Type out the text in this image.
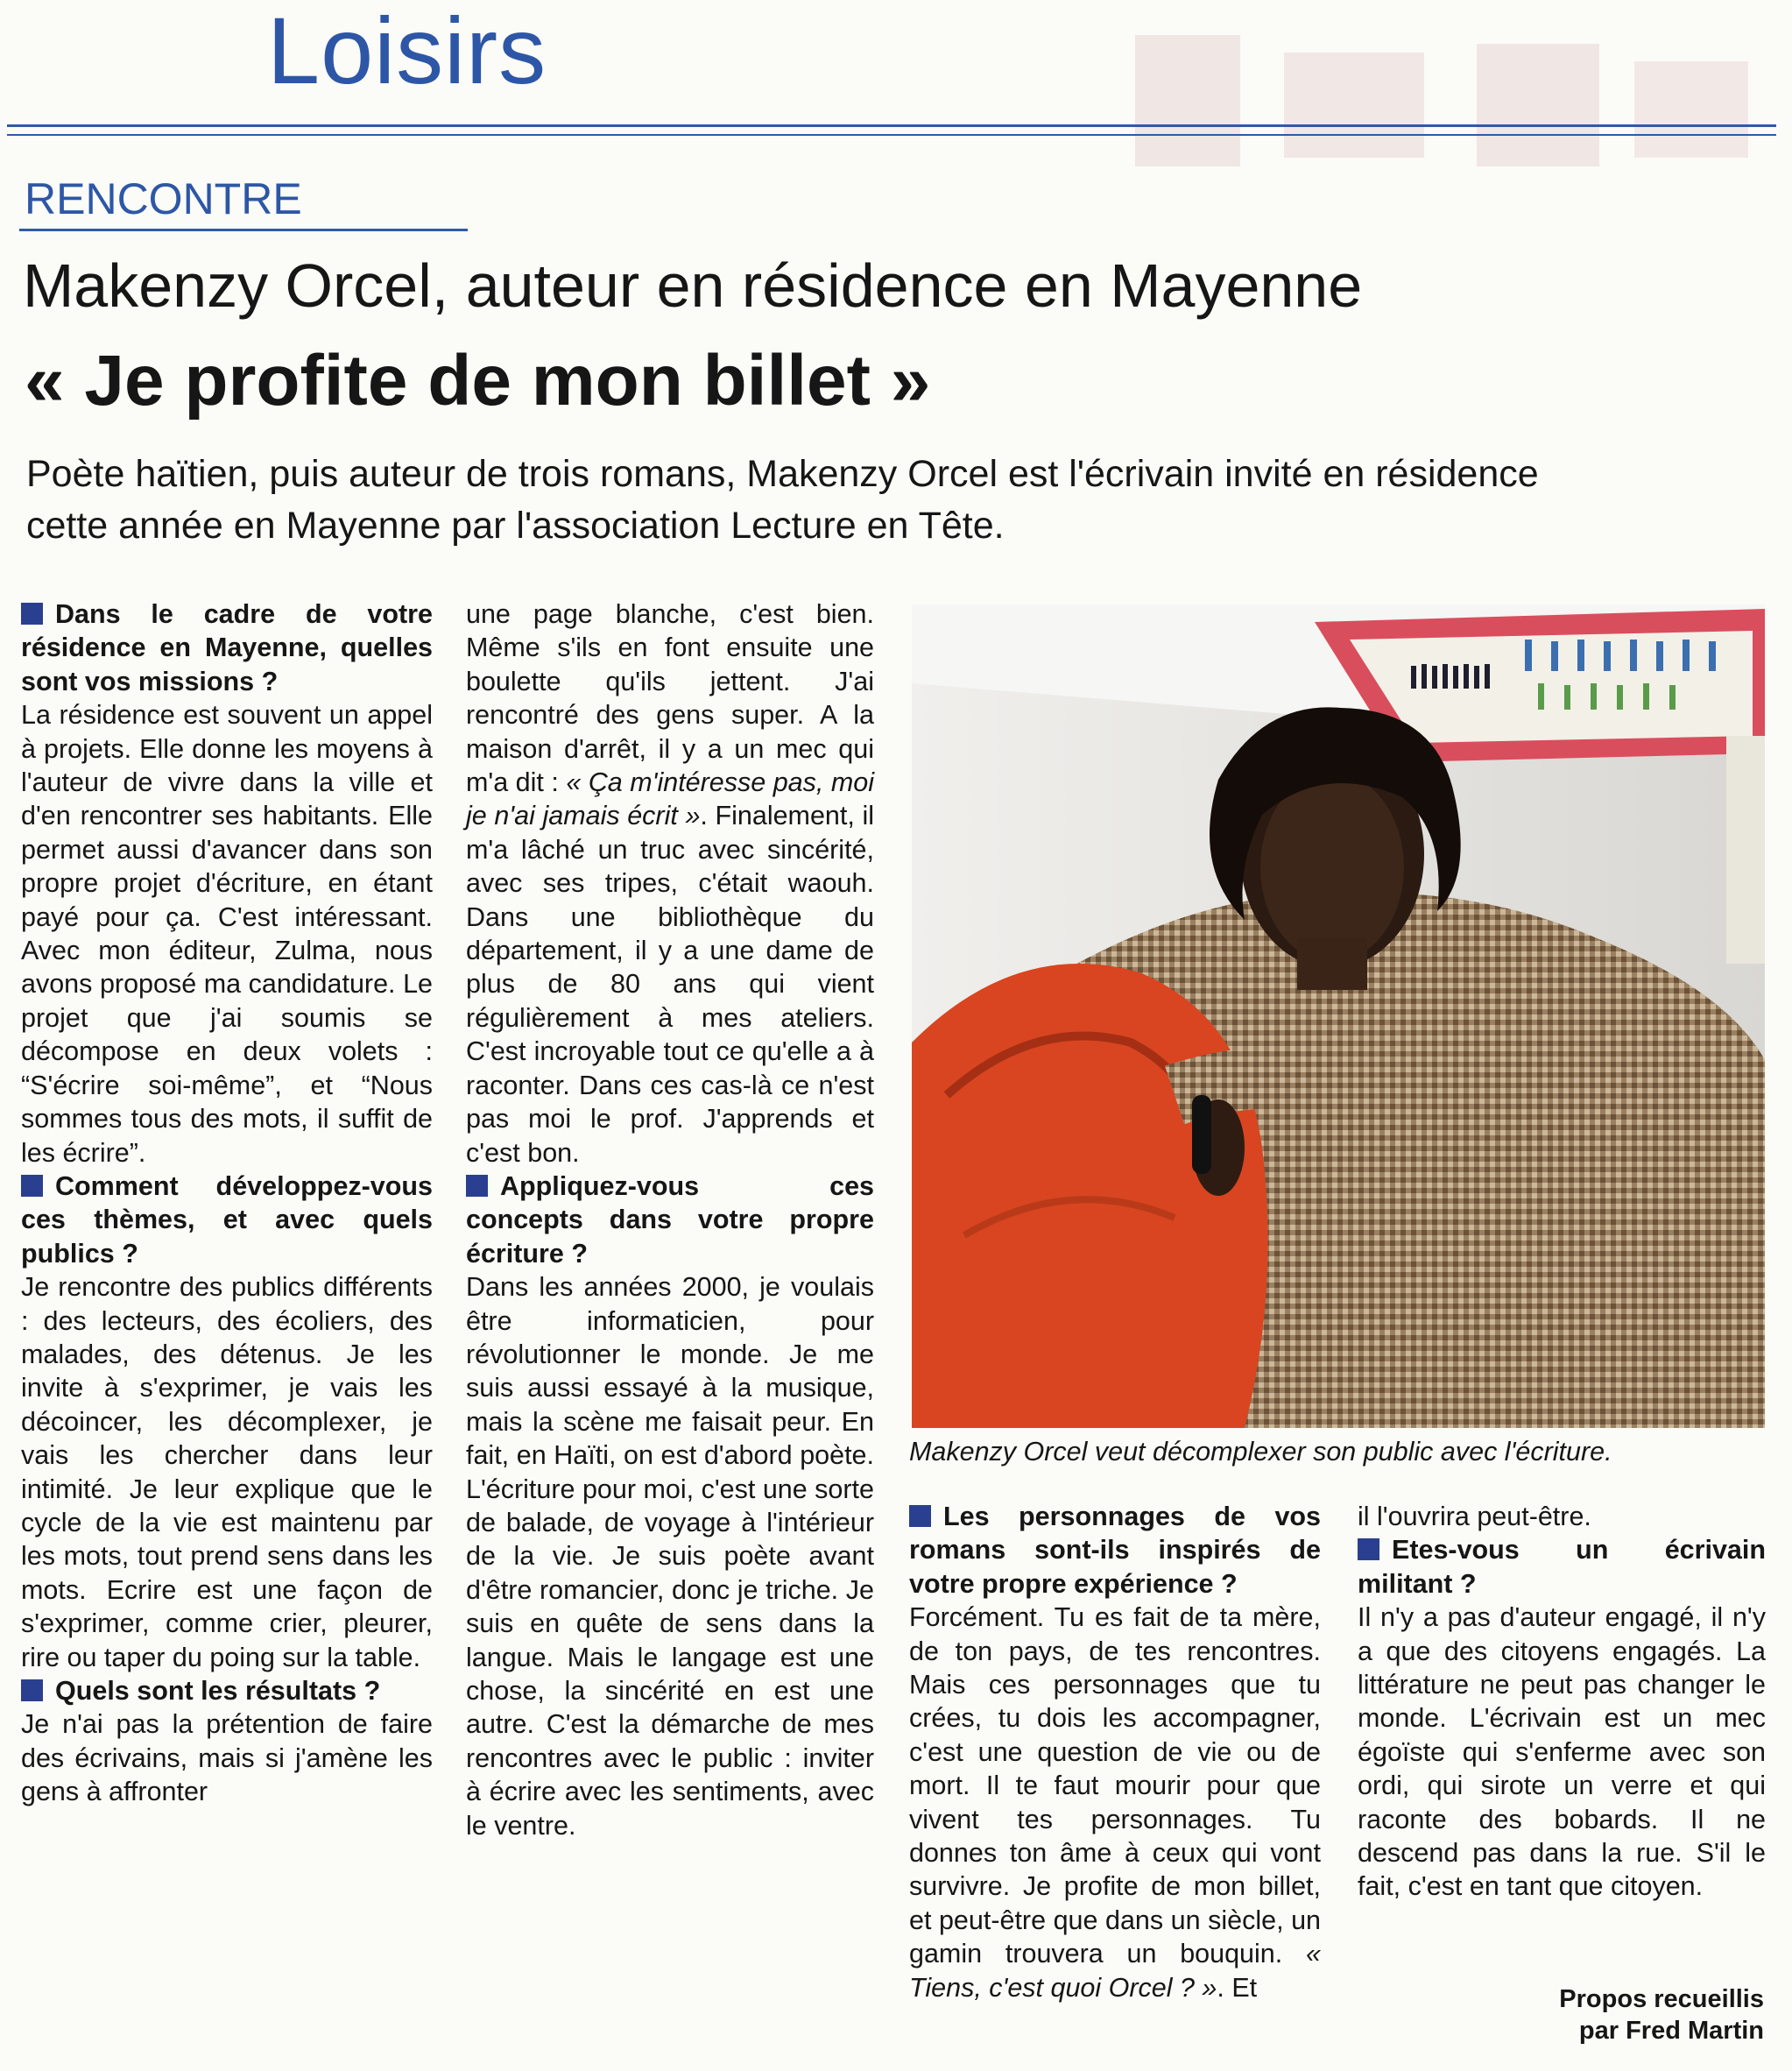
Loisirs
RENCONTRE
Makenzy Orcel, auteur en résidence en Mayenne
« Je profite de mon billet »
Poète haïtien, puis auteur de trois romans, Makenzy Orcel est l'écrivain invité en résidence cette année en Mayenne par l'association Lecture en Tête.

Dans le cadre de votre résidence en Mayenne, quelles sont vos missions ?

La résidence est souvent un appel à projets. Elle donne les moyens à l'auteur de vivre dans la ville et d'en rencontrer ses habitants. Elle permet aussi d'avancer dans son propre projet d'écriture, en étant payé pour ça. C'est intéressant. Avec mon éditeur, Zulma, nous avons proposé ma candidature. Le projet que j'ai soumis se décompose en deux volets : “S'écrire soi-même”, et “Nous sommes tous des mots, il suffit de les écrire”.

Comment développez-vous ces thèmes, et avec quels publics ?

Je rencontre des publics différents : des lecteurs, des écoliers, des malades, des détenus. Je les invite à s'exprimer, je vais les décoincer, les décomplexer, je vais les chercher dans leur intimité. Je leur explique que le cycle de la vie est maintenu par les mots, tout prend sens dans les mots. Ecrire est une façon de s'exprimer, comme crier, pleurer, rire ou taper du poing sur la table.

Quels sont les résultats ?

Je n'ai pas la prétention de faire des écrivains, mais si j'amène les gens à affronter

une page blanche, c'est bien. Même s'ils en font ensuite une boulette qu'ils jettent. J'ai rencontré des gens super. A la maison d'arrêt, il y a un mec qui m'a dit : « Ça m'intéresse pas, moi je n'ai jamais écrit ». Finalement, il m'a lâché un truc avec sincérité, avec ses tripes, c'était waouh. Dans une bibliothèque du département, il y a une dame de plus de 80 ans qui vient régulièrement à mes ateliers. C'est incroyable tout ce qu'elle a à raconter. Dans ces cas-là ce n'est pas moi le prof. J'apprends et c'est bon.

Appliquez-vous ces concepts dans votre propre écriture ?

Dans les années 2000, je voulais être informaticien, pour révolutionner le monde. Je me suis aussi essayé à la musique, mais la scène me faisait peur. En fait, en Haïti, on est d'abord poète. L'écriture pour moi, c'est une sorte de balade, de voyage à l'intérieur de la vie. Je suis poète avant d'être romancier, donc je triche. Je suis en quête de sens dans la langue. Mais le langage est une chose, la sincérité en est une autre. C'est la démarche de mes rencontres avec le public : inviter à écrire avec les sentiments, avec le ventre.

Makenzy Orcel veut décomplexer son public avec l'écriture.

Les personnages de vos romans sont-ils inspirés de votre propre expérience ?

Forcément. Tu es fait de ta mère, de ton pays, de tes rencontres. Mais ces personnages que tu crées, tu dois les accompagner, c'est une question de vie ou de mort. Il te faut mourir pour que vivent tes personnages. Tu donnes ton âme à ceux qui vont survivre. Je profite de mon billet, et peut-être que dans un siècle, un gamin trouvera un bouquin. « Tiens, c'est quoi Orcel ? ». Et

il l'ouvrira peut-être.

Etes-vous un écrivain militant ?

Il n'y a pas d'auteur engagé, il n'y a que des citoyens engagés. La littérature ne peut pas changer le monde. L'écrivain est un mec égoïste qui s'enferme avec son ordi, qui sirote un verre et qui raconte des bobards. Il ne descend pas dans la rue. S'il le fait, c'est en tant que citoyen.

Propos recueillis
par Fred Martin
